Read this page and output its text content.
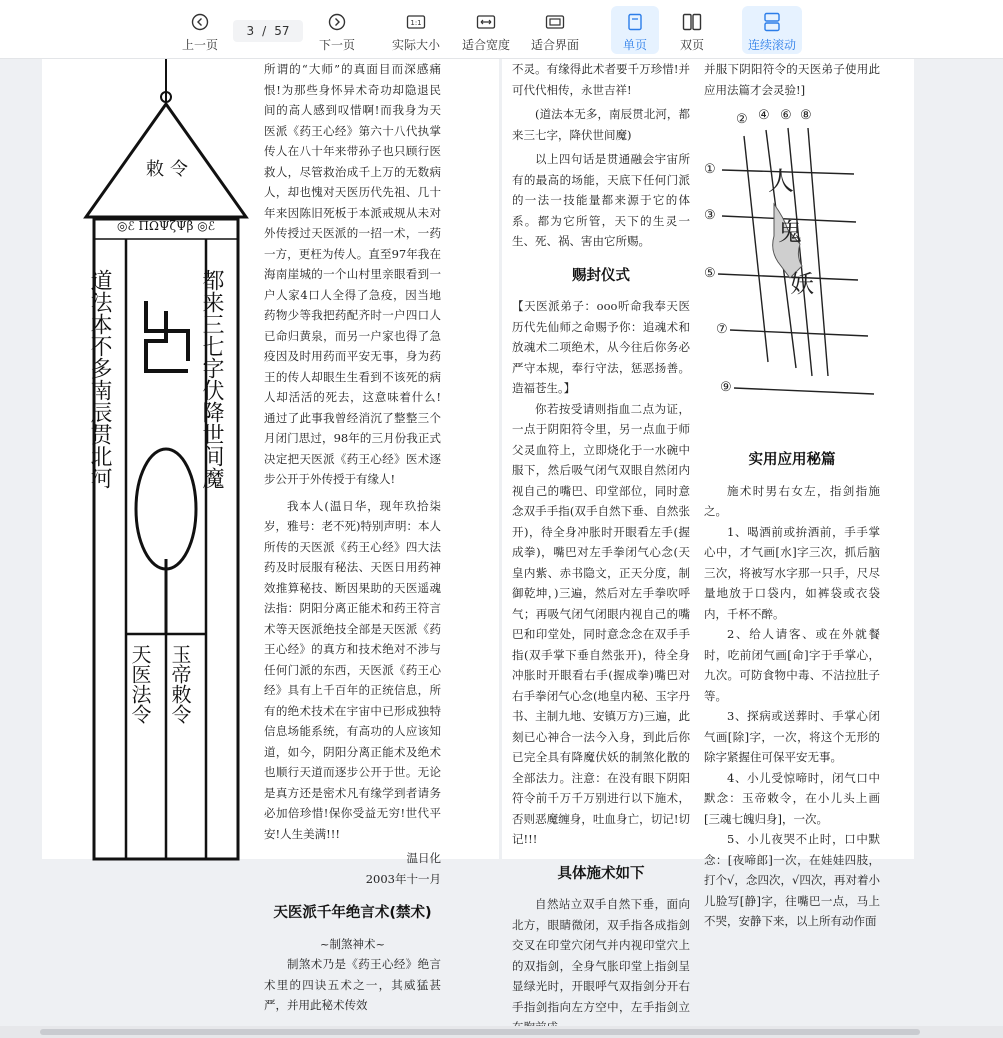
上一页
3 / 57
下一页
1:1
实际大小 适合宽度 适合界面	单页	双页	连续滚动
敕令
◎ℰ ΠΩΨζΨβ ◎ℰ
道法本不多南辰贯北河	都来三七字伏降世间魔
天医法令 玉帝敕令

所谓的“大师”的真面目而深感痛恨!为那些身怀异术奇功却隐退民间的高人感到叹惜啊!而我身为天医派《药王心经》第六十八代执掌传人在八十年来带孙子也只顾行医救人，尽管救治成千上万的无数病人，却也愧对天医历代先祖、几十年来因陈旧死板于本派戒规从未对外传授过天医派的一招一术，一药一方，更枉为传人。直至97年我在海南崖城的一个山村里亲眼看到一户人家4口人全得了急疫，因当地药物少等我把药配齐时一户四口人已命归黄泉，而另一户家也得了急疫因及时用药而平安无事，身为药王的传人却眼生生看到不该死的病人却活活的死去，这意味着什么!通过了此事我曾经消沉了整整三个月闭门思过，98年的三月份我正式决定把天医派《药王心经》医术逐步公开于外传授于有缘人!

我本人(温日华，现年玖拾柒岁，雅号：老不死)特别声明：本人所传的天医派《药王心经》四大法药及时辰服有秘法、天医日用药神效推算秘技、断因果助的天医遥魂法指：阴阳分离正能术和药王符言术等天医派绝技全部是天医派《药王心经》的真方和技术绝对不涉与任何门派的东西，天医派《药王心经》具有上千百年的正统信息，所有的绝术技术在宇宙中已形成独特信息场能系统，有高功的人应该知道，如今，阴阳分离正能术及绝术也顺行天道而逐步公开于世。无论是真方还是密术凡有缘学到者请务必加倍珍惜!保你受益无穷!世代平安!人生美满!!!

温日化

2003年十一月

天医派千年绝言术(禁术)

~制煞神术~

制煞术乃是《药王心经》绝言术里的四诀五术之一，其威猛甚严，并用此秘术传效

不灵。有缘得此术者要千万珍惜!并可代代相传，永世吉祥!

(道法本无多，南辰贯北河，都来三七字，降伏世间魔)

以上四句话是贯通融会宇宙所有的最高的场能，天底下任何门派的一法一技能量都来源于它的体系。都为它所管，天下的生灵一生、死、祸、害由它所赐。

赐封仪式

【天医派弟子：ooo听命我奉天医历代先仙师之命赐予你：追魂术和放魂术二项绝术，从今往后你务必严守本规，奉行守法，惩恶扬善。造福苍生。】

你若按受请则指血二点为证，一点于阴阳符令里，另一点血于师父灵血符上，立即烧化于一水碗中服下，然后吸气闭气双眼自然闭内视自己的嘴巴、印堂部位，同时意念双手手指(双手自然下垂、自然张开)，待全身冲胀时开眼看左手(握成拳)，嘴巴对左手拳闭气心念(天皇内紫、赤书隐文，正天分度，制御乾坤，)三遍，然后对左手拳吹呼气；再吸气闭气闭眼内视自己的嘴巴和印堂处，同时意念念在双手手指(双手掌下垂自然张开)，待全身冲胀时开眼看右手(握成拳)嘴巴对右手拳闭气心念(地皇内秘、玉字丹书、主制九地、安镇万方)三遍，此刻已心神合一法今入身，到此后你已完全具有降魔伏妖的制煞化散的全部法力。注意：在没有眼下阴阳符令前千万千万别进行以下施术，否则恶魔缠身，吐血身亡，切记!切记!!!

具体施术如下

自然站立双手自然下垂，面向北方，眼睛微闭，双手指各成指剑交叉在印堂穴闭气并内视印堂穴上的双指剑，全身气胀印堂上指剑呈显绿光时，开眼呼气双指剑分开右手指剑指向左方空中，左手指剑立

并服下阴阳符令的天医弟子使用此应用法篇才会灵验!]

② ④ ⑥ ⑧
①
③
⑤
⑦
⑨
人
鬼
妖
实用应用秘篇

施术时男右女左，指剑指施之。

1、喝酒前或拚酒前，手手掌心中，才气画[水]字三次，抓后脑三次，将被写水字那一只手，尺尽量地放于口袋内，如裤袋或衣袋内，千杯不醉。

2、给人请客、或在外就餐时，吃前闭气画[命]字于手掌心，九次。可防食物中毒、不洁拉肚子等。

3、探病或送葬时、手掌心闭气画[除]字，一次，将这个无形的除字紧握住可保平安无事。

4、小儿受惊啼时，闭气口中默念：玉帝敕令，在小儿头上画[三魂七魄归身]，一次。

5、小儿夜哭不止时，口中默念：[夜啼郎]一次，在娃娃四肢，打个√，念四次，√四次，再对着小儿脸写[静]字，往嘴巴一点，马上不哭，安静下来，以上所有动作面
